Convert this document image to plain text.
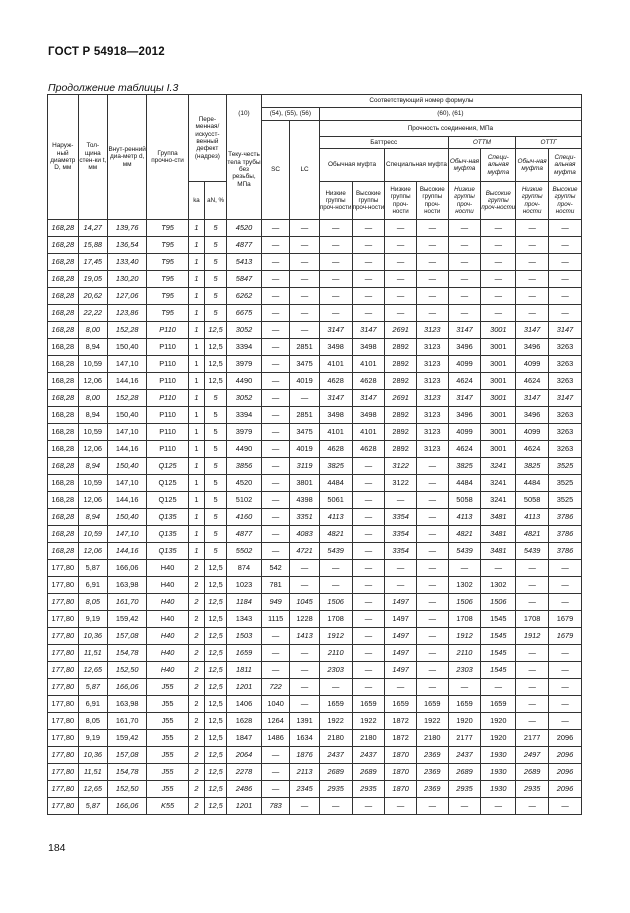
ГОСТ Р 54918—2012
Продолжение таблицы I.3
Наруж-ный диаметр D, мм	Тол-щина стен-ки t, мм	Внут-ренний диа-метр d, мм	Группа прочно-сти	Пере-менная/искусст-венный дефект (надрез)			Соответствующий номер формулы									
						(10)	(54), (55), (56)		(60), (61)							
						Теку-честь тела трубы без резьбы, МПа	SC	LC	Прочность соединения, МПа							
									Баттресс				ОТТМ		ОТТГ	
									Обычная муфта		Специальная муфта		Обыч-ная муфта	Специ-альная муфта	Обыч-ная муфта	Специ-альная муфта
				kа	aN, %				Низкие группы проч-ности	Высокие группы проч-ности	Низкие группы проч-ности	Высокие группы проч-ности	Низкие группы проч-ности	Высокие группы проч-ности	Низкие группы проч-ности	Высокие группы проч-ности
168,28	14,27	139,76	T95	1	5	4520	—	—	—	—	—	—	—	—	—	—
168,28	15,88	136,54	T95	1	5	4877	—	—	—	—	—	—	—	—	—	—
168,28	17,45	133,40	T95	1	5	5413	—	—	—	—	—	—	—	—	—	—
168,28	19,05	130,20	T95	1	5	5847	—	—	—	—	—	—	—	—	—	—
168,28	20,62	127,06	T95	1	5	6262	—	—	—	—	—	—	—	—	—	—
168,28	22,22	123,86	T95	1	5	6675	—	—	—	—	—	—	—	—	—	—
168,28	8,00	152,28	P110	1	12,5	3052	—	—	3147	3147	2691	3123	3147	3001	3147	3147
168,28	8,94	150,40	P110	1	12,5	3394	—	2851	3498	3498	2892	3123	3496	3001	3496	3263
168,28	10,59	147,10	P110	1	12,5	3979	—	3475	4101	4101	2892	3123	4099	3001	4099	3263
168,28	12,06	144,16	P110	1	12,5	4490	—	4019	4628	4628	2892	3123	4624	3001	4624	3263
168,28	8,00	152,28	P110	1	5	3052	—	—	3147	3147	2691	3123	3147	3001	3147	3147
168,28	8,94	150,40	P110	1	5	3394	—	2851	3498	3498	2892	3123	3496	3001	3496	3263
168,28	10,59	147,10	P110	1	5	3979	—	3475	4101	4101	2892	3123	4099	3001	4099	3263
168,28	12,06	144,16	P110	1	5	4490	—	4019	4628	4628	2892	3123	4624	3001	4624	3263
168,28	8,94	150,40	Q125	1	5	3856	—	3119	3825	—	3122	—	3825	3241	3825	3525
168,28	10,59	147,10	Q125	1	5	4520	—	3801	4484	—	3122	—	4484	3241	4484	3525
168,28	12,06	144,16	Q125	1	5	5102	—	4398	5061	—	—	—	5058	3241	5058	3525
168,28	8,94	150,40	Q135	1	5	4160	—	3351	4113	—	3354	—	4113	3481	4113	3786
168,28	10,59	147,10	Q135	1	5	4877	—	4083	4821	—	3354	—	4821	3481	4821	3786
168,28	12,06	144,16	Q135	1	5	5502	—	4721	5439	—	3354	—	5439	3481	5439	3786
177,80	5,87	166,06	H40	2	12,5	874	542	—	—	—	—	—	—	—	—	—
177,80	6,91	163,98	H40	2	12,5	1023	781	—	—	—	—	—	1302	1302	—	—
177,80	8,05	161,70	H40	2	12,5	1184	949	1045	1506	—	1497	—	1506	1506	—	—
177,80	9,19	159,42	H40	2	12,5	1343	1115	1228	1708	—	1497	—	1708	1545	1708	1679
177,80	10,36	157,08	H40	2	12,5	1503	—	1413	1912	—	1497	—	1912	1545	1912	1679
177,80	11,51	154,78	H40	2	12,5	1659	—	—	2110	—	1497	—	2110	1545	—	—
177,80	12,65	152,50	H40	2	12,5	1811	—	—	2303	—	1497	—	2303	1545	—	—
177,80	5,87	166,06	J55	2	12,5	1201	722	—	—	—	—	—	—	—	—	—
177,80	6,91	163,98	J55	2	12,5	1406	1040	—	1659	1659	1659	1659	1659	1659	—	—
177,80	8,05	161,70	J55	2	12,5	1628	1264	1391	1922	1922	1872	1922	1920	1920	—	—
177,80	9,19	159,42	J55	2	12,5	1847	1486	1634	2180	2180	1872	2180	2177	1920	2177	2096
177,80	10,36	157,08	J55	2	12,5	2064	—	1876	2437	2437	1870	2369	2437	1930	2497	2096
177,80	11,51	154,78	J55	2	12,5	2278	—	2113	2689	2689	1870	2369	2689	1930	2689	2096
177,80	12,65	152,50	J55	2	12,5	2486	—	2345	2935	2935	1870	2369	2935	1930	2935	2096
177,80	5,87	166,06	K55	2	12,5	1201	783	—	—	—	—	—	—	—	—	—
184
